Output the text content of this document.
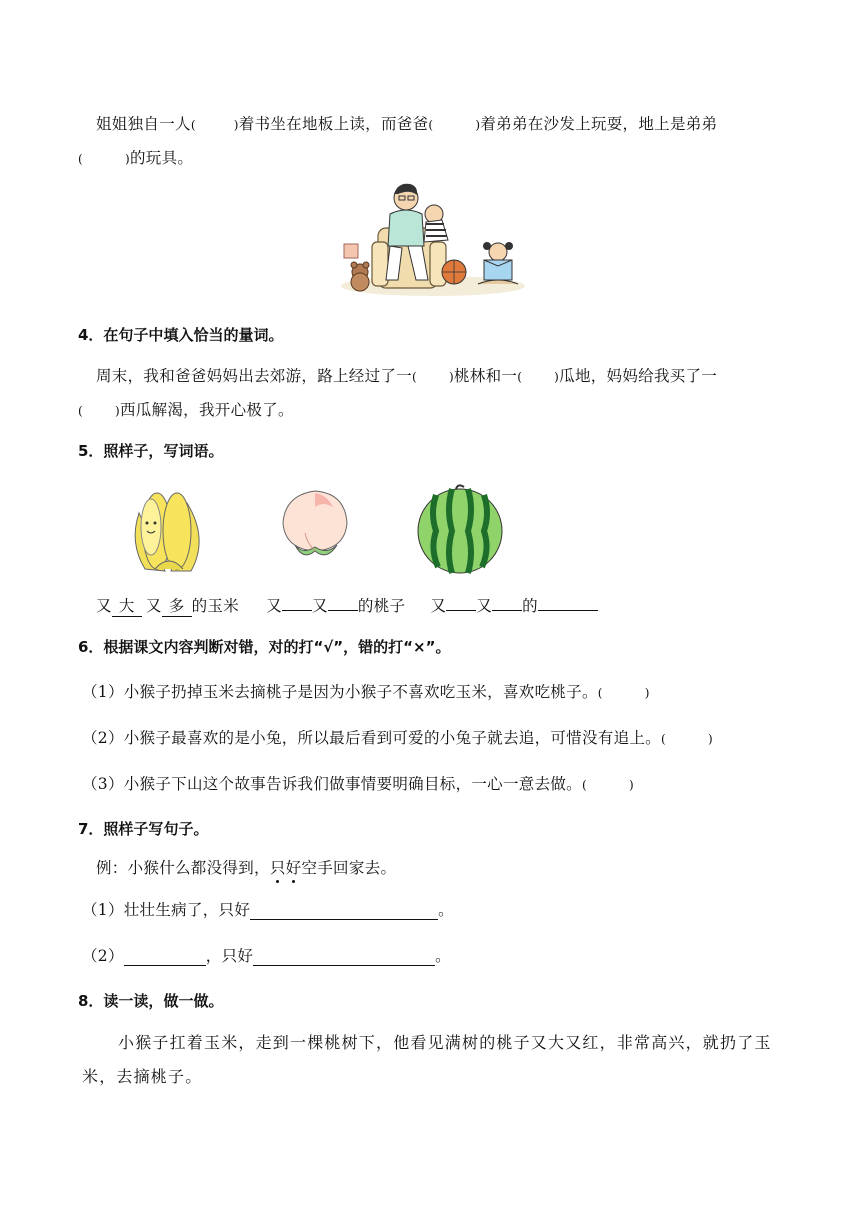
姐姐独自一人(	)着书坐在地板上读，而爸爸(	)着弟弟在沙发上玩耍，地上是弟弟
(	)的玩具。
4．在句子中填入恰当的量词。
周末，我和爸爸妈妈出去郊游，路上经过了一(	)桃林和一(	)瓜地，妈妈给我买了一
(	)西瓜解渴，我开心极了。
5．照样子，写词语。
又 大 又 多 的玉米 又 又 的桃子 又 又 的
6．根据课文内容判断对错，对的打“√”，错的打“×”。
（1）小猴子扔掉玉米去摘桃子是因为小猴子不喜欢吃玉米，喜欢吃桃子。(	)
（2）小猴子最喜欢的是小兔，所以最后看到可爱的小兔子就去追，可惜没有追上。(	)
（3）小猴子下山这个故事告诉我们做事情要明确目标，一心一意去做。(	)
7．照样子写句子。
例：小猴什么都没得到，只好空手回家去。
（1）壮壮生病了，只好	。
（2）	，只好	。
8．读一读，做一做。
小猴子扛着玉米，走到一棵桃树下，他看见满树的桃子又大又红，非常高兴，就扔了玉
米，去摘桃子。
